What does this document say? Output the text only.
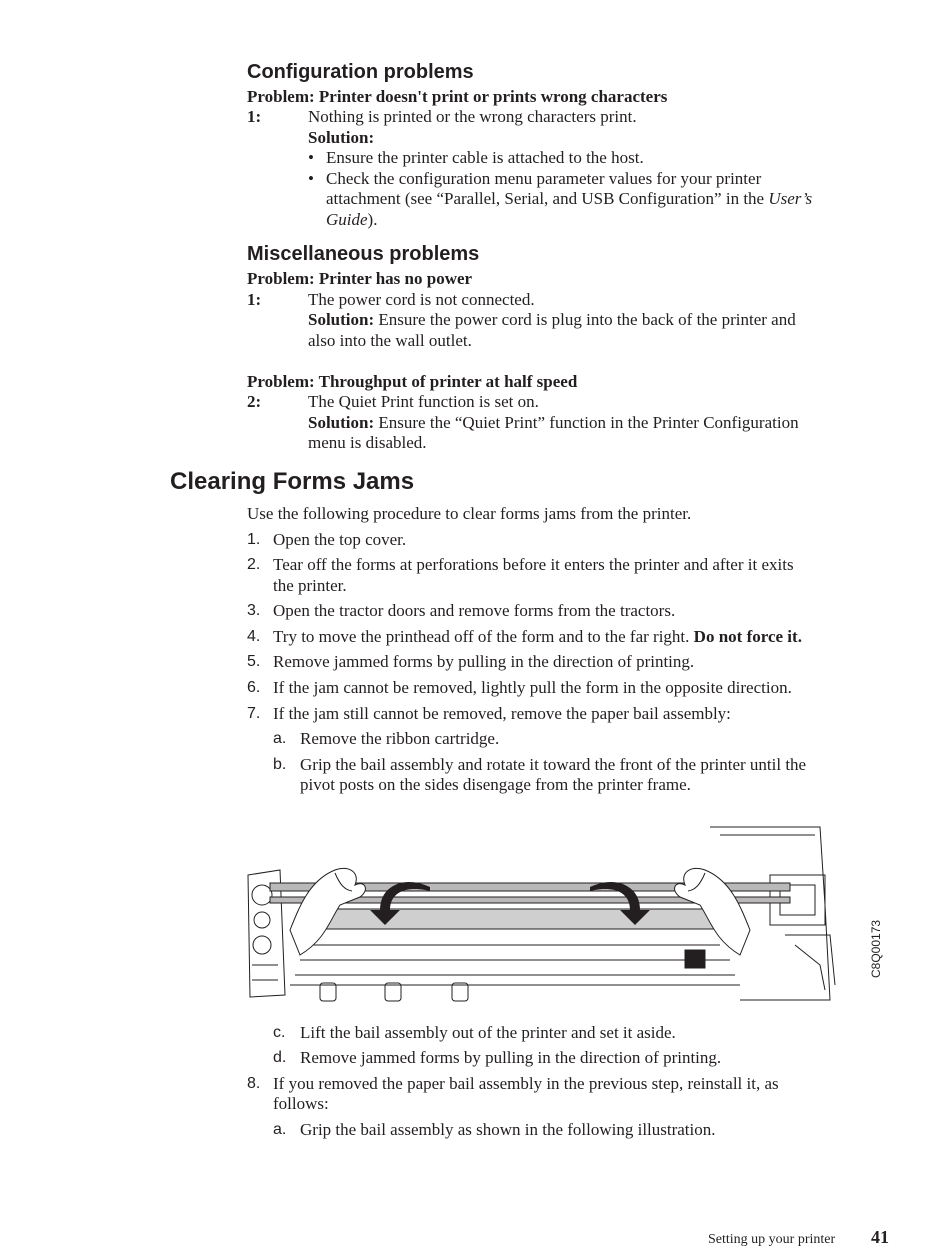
Configuration problems
Problem: Printer doesn't print or prints wrong characters
1:	Nothing is printed or the wrong characters print.
Solution:
• Ensure the printer cable is attached to the host.
• Check the configuration menu parameter values for your printer
attachment (see “Parallel, Serial, and USB Configuration” in the User’s
Guide).
Miscellaneous problems
Problem: Printer has no power
1:	The power cord is not connected.
Solution: Ensure the power cord is plug into the back of the printer and
also into the wall outlet.
Problem: Throughput of printer at half speed
2:	The Quiet Print function is set on.
Solution: Ensure the “Quiet Print” function in the Printer Configuration
menu is disabled.
Clearing Forms Jams
Use the following procedure to clear forms jams from the printer.
1. Open the top cover.
2. Tear off the forms at perforations before it enters the printer and after it exits
the printer.
3. Open the tractor doors and remove forms from the tractors.
4. Try to move the printhead off of the form and to the far right. Do not force it.
5. Remove jammed forms by pulling in the direction of printing.
6. If the jam cannot be removed, lightly pull the form in the opposite direction.
7. If the jam still cannot be removed, remove the paper bail assembly:
a. Remove the ribbon cartridge.
b. Grip the bail assembly and rotate it toward the front of the printer until the
pivot posts on the sides disengage from the printer frame.
C8Q00173
c. Lift the bail assembly out of the printer and set it aside.
d. Remove jammed forms by pulling in the direction of printing.
8. If you removed the paper bail assembly in the previous step, reinstall it, as
follows:
a. Grip the bail assembly as shown in the following illustration.
Setting up your printer 41
